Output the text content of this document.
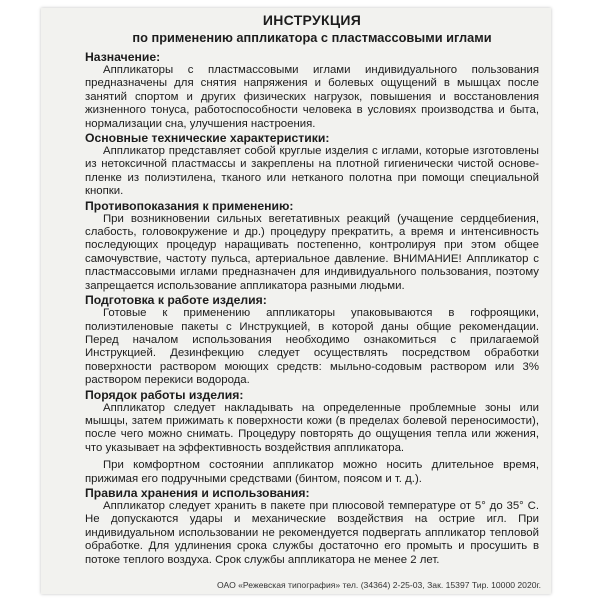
ИНСТРУКЦИЯ
по применению аппликатора с пластмассовыми иглами
Назначение:

Аппликаторы с пластмассовыми иглами индивидуального пользования предназначены для снятия напряжения и болевых ощущений в мышцах после занятий спортом и других физических нагрузок, повышения и восстановления жизненного тонуса, работоспособности человека в условиях производства и быта, нормализации сна, улучшения настроения.

Основные технические характеристики:

Аппликатор представляет собой круглые изделия с иглами, которые изготовлены из нетоксичной пластмассы и закреплены на плотной гигиенически чистой основе-пленке из полиэтилена, тканого или нетканого полотна при помощи специальной кнопки.

Противопоказания к применению:

При возникновении сильных вегетативных реакций (учащение сердцебиения, слабость, головокружение и др.) процедуру прекратить, а время и интенсивность последующих процедур наращивать постепенно, контролируя при этом общее самочувствие, частоту пульса, артериальное давление. ВНИМАНИЕ! Аппликатор с пластмассовыми иглами предназначен для индивидуального пользования, поэтому запрещается использование аппликатора разными людьми.

Подготовка к работе изделия:

Готовые к применению аппликаторы упаковываются в гофроящики, полиэтиленовые пакеты с Инструкцией, в которой даны общие рекомендации. Перед началом использования необходимо ознакомиться с прилагаемой Инструкцией. Дезинфекцию следует осуществлять посредством обработки поверхности раствором моющих средств: мыльно-содовым раствором или 3% раствором перекиси водорода.

Порядок работы изделия:

Аппликатор следует накладывать на определенные проблемные зоны или мышцы, затем прижимать к поверхности кожи (в пределах болевой переносимости), после чего можно снимать. Процедуру повторять до ощущения тепла или жжения, что указывает на эффективность воздействия аппликатора.

При комфортном состоянии аппликатор можно носить длительное время, прижимая его подручными средствами (бинтом, поясом и т. д.).

Правила хранения и использования:

Аппликатор следует хранить в пакете при плюсовой температуре от 5° до 35° С. Не допускаются удары и механические воздействия на острие игл. При индивидуальном использовании не рекомендуется подвергать аппликатор тепловой обработке. Для удлинения срока службы достаточно его промыть и просушить в потоке теплого воздуха. Срок службы аппликатора не менее 2 лет.

ОАО «Режевская типография» тел. (34364) 2-25-03, Зак. 15397 Тир. 10000 2020г.
